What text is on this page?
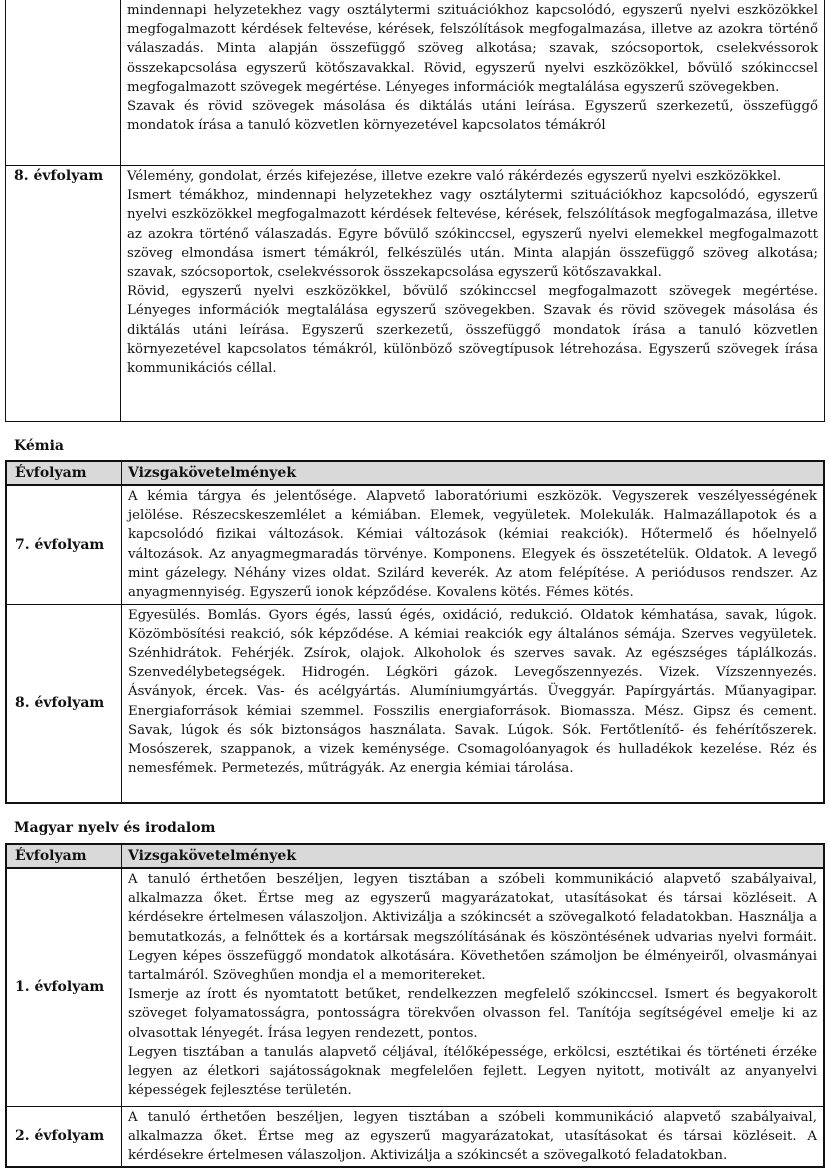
	mindennapi helyzetekhez vagy osztálytermi szituációkhoz kapcsolódó, egyszerű nyelvi eszközökkel megfogalmazott kérdések feltevése, kérések, felszólítások megfogalmazása, illetve az azokra történő válaszadás. Minta alapján összefüggő szöveg alkotása; szavak, szócsoportok, cselekvéssorok összekapcsolása egyszerű kötőszavakkal. Rövid, egyszerű nyelvi eszközökkel, bővülő szókinccsel megfogalmazott szövegek megértése. Lényeges információk megtalálása egyszerű szövegekben.

Szavak és rövid szövegek másolása és diktálás utáni leírása. Egyszerű szerkezetű, összefüggő mondatok írása a tanuló közvetlen környezetével kapcsolatos témákról

8. évfolyam	Vélemény, gondolat, érzés kifejezése, illetve ezekre való rákérdezés egyszerű nyelvi eszközökkel.

Ismert témákhoz, mindennapi helyzetekhez vagy osztálytermi szituációkhoz kapcsolódó, egyszerű nyelvi eszközökkel megfogalmazott kérdések feltevése, kérések, felszólítások megfogalmazása, illetve az azokra történő válaszadás. Egyre bővülő szókinccsel, egyszerű nyelvi elemekkel megfogalmazott szöveg elmondása ismert témákról, felkészülés után. Minta alapján összefüggő szöveg alkotása; szavak, szócsoportok, cselekvéssorok összekapcsolása egyszerű kötőszavakkal.

Rövid, egyszerű nyelvi eszközökkel, bővülő szókinccsel megfogalmazott szövegek megértése. Lényeges információk megtalálása egyszerű szövegekben. Szavak és rövid szövegek másolása és diktálás utáni leírása. Egyszerű szerkezetű, összefüggő mondatok írása a tanuló közvetlen környezetével kapcsolatos témákról, különböző szövegtípusok létrehozása. Egyszerű szövegek írása kommunikációs céllal.

Kémia
Évfolyam	Vizsgakövetelmények
7. évfolyam	A kémia tárgya és jelentősége. Alapvető laboratóriumi eszközök. Vegyszerek veszélyességének jelölése. Részecskeszemlélet a kémiában. Elemek, vegyületek. Molekulák. Halmazállapotok és a kapcsolódó fizikai változások. Kémiai változások (kémiai reakciók). Hőtermelő és hőelnyelő változások. Az anyagmegmaradás törvénye. Komponens. Elegyek és összetételük. Oldatok. A levegő mint gázelegy. Néhány vizes oldat. Szilárd keverék. Az atom felépítése. A periódusos rendszer. Az anyagmennyiség. Egyszerű ionok képződése. Kovalens kötés. Fémes kötés.

8. évfolyam	Egyesülés. Bomlás. Gyors égés, lassú égés, oxidáció, redukció. Oldatok kémhatása, savak, lúgok. Közömbösítési reakció, sók képződése. A kémiai reakciók egy általános sémája. Szerves vegyületek. Szénhidrátok. Fehérjék. Zsírok, olajok. Alkoholok és szerves savak. Az egészséges táplálkozás. Szenvedélybetegségek. Hidrogén. Légköri gázok. Levegőszennyezés. Vizek. Vízszennyezés. Ásványok, ércek. Vas- és acélgyártás. Alumíniumgyártás. Üveggyár. Papírgyártás. Műanyagipar. Energiaforrások kémiai szemmel. Fosszilis energiaforrások. Biomassza. Mész. Gipsz és cement. Savak, lúgok és sók biztonságos használata. Savak. Lúgok. Sók. Fertőtlenítő- és fehérítőszerek. Mosószerek, szappanok, a vizek keménysége. Csomagolóanyagok és hulladékok kezelése. Réz és nemesfémek. Permetezés, műtrágyák. Az energia kémiai tárolása.

Magyar nyelv és irodalom
Évfolyam	Vizsgakövetelmények
1. évfolyam	A tanuló érthetően beszéljen, legyen tisztában a szóbeli kommunikáció alapvető szabályaival, alkalmazza őket. Értse meg az egyszerű magyarázatokat, utasításokat és társai közléseit. A kérdésekre értelmesen válaszoljon. Aktivizálja a szókincsét a szövegalkotó feladatokban. Használja a bemutatkozás, a felnőttek és a kortársak megszólításának és köszöntésének udvarias nyelvi formáit. Legyen képes összefüggő mondatok alkotására. Követhetően számoljon be élményeiről, olvasmányai tartalmáról. Szöveghűen mondja el a memoritereket.

Ismerje az írott és nyomtatott betűket, rendelkezzen megfelelő szókinccsel. Ismert és begyakorolt szöveget folyamatosságra, pontosságra törekvően olvasson fel. Tanítója segítségével emelje ki az olvasottak lényegét. Írása legyen rendezett, pontos.

Legyen tisztában a tanulás alapvető céljával, ítélőképessége, erkölcsi, esztétikai és történeti érzéke legyen az életkori sajátosságoknak megfelelően fejlett. Legyen nyitott, motivált az anyanyelvi képességek fejlesztése területén.

2. évfolyam	A tanuló érthetően beszéljen, legyen tisztában a szóbeli kommunikáció alapvető szabályaival, alkalmazza őket. Értse meg az egyszerű magyarázatokat, utasításokat és társai közléseit. A kérdésekre értelmesen válaszoljon. Aktivizálja a szókincsét a szövegalkotó feladatokban.
